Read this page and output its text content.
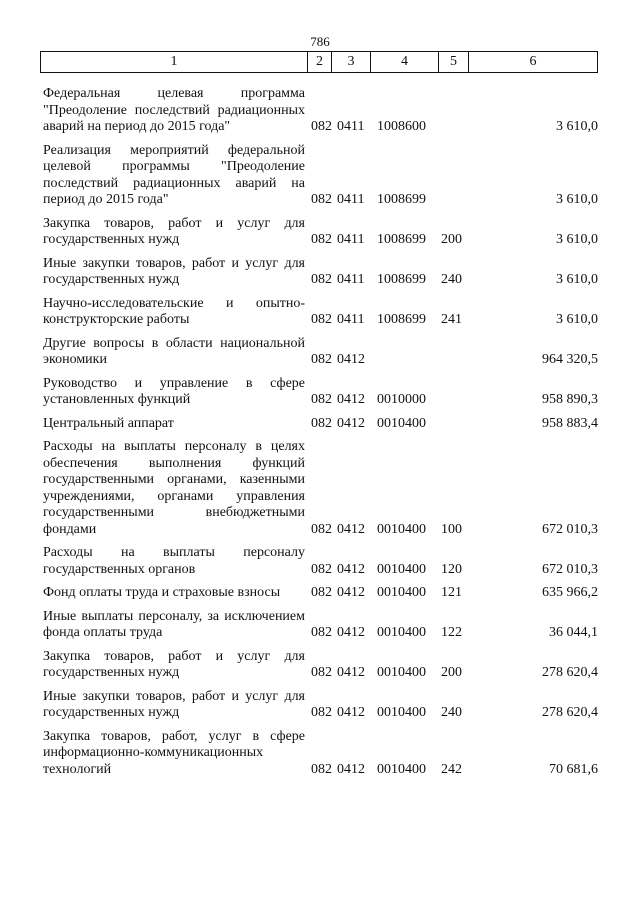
786
1	2	3	4	5	6
Федеральная целевая программа "Преодоление последствий радиационных аварий на период до 2015 года"	082 0411 1008600	3 610,0
Реализация мероприятий федеральной целевой программы "Преодоление последствий радиационных аварий на период до 2015 года"	082 0411 1008699	3 610,0
Закупка товаров, работ и услуг для государственных нужд	082 0411 1008699	200	3 610,0
Иные закупки товаров, работ и услуг для государственных нужд	082 0411 1008699	240	3 610,0
Научно-исследовательские и опытно-конструкторские работы	082 0411 1008699	241	3 610,0
Другие вопросы в области национальной экономики	082 0412	964 320,5
Руководство и управление в сфере установленных функций	082 0412 0010000	958 890,3
Центральный аппарат	082 0412 0010400	958 883,4
Расходы на выплаты персоналу в целях обеспечения выполнения функций государственными органами, казенными учреждениями, органами управления государственными внебюджетными фондами	082 0412 0010400	100	672 010,3
Расходы на выплаты персоналу государственных органов	082 0412 0010400	120	672 010,3
Фонд оплаты труда и страховые взносы	082 0412 0010400	121	635 966,2
Иные выплаты персоналу, за исключением фонда оплаты труда	082 0412 0010400	122	36 044,1
Закупка товаров, работ и услуг для государственных нужд	082 0412 0010400	200	278 620,4
Иные закупки товаров, работ и услуг для государственных нужд	082 0412 0010400	240	278 620,4
Закупка товаров, работ, услуг в сфере информационно-коммуникационных технологий	082 0412 0010400	242	70 681,6
